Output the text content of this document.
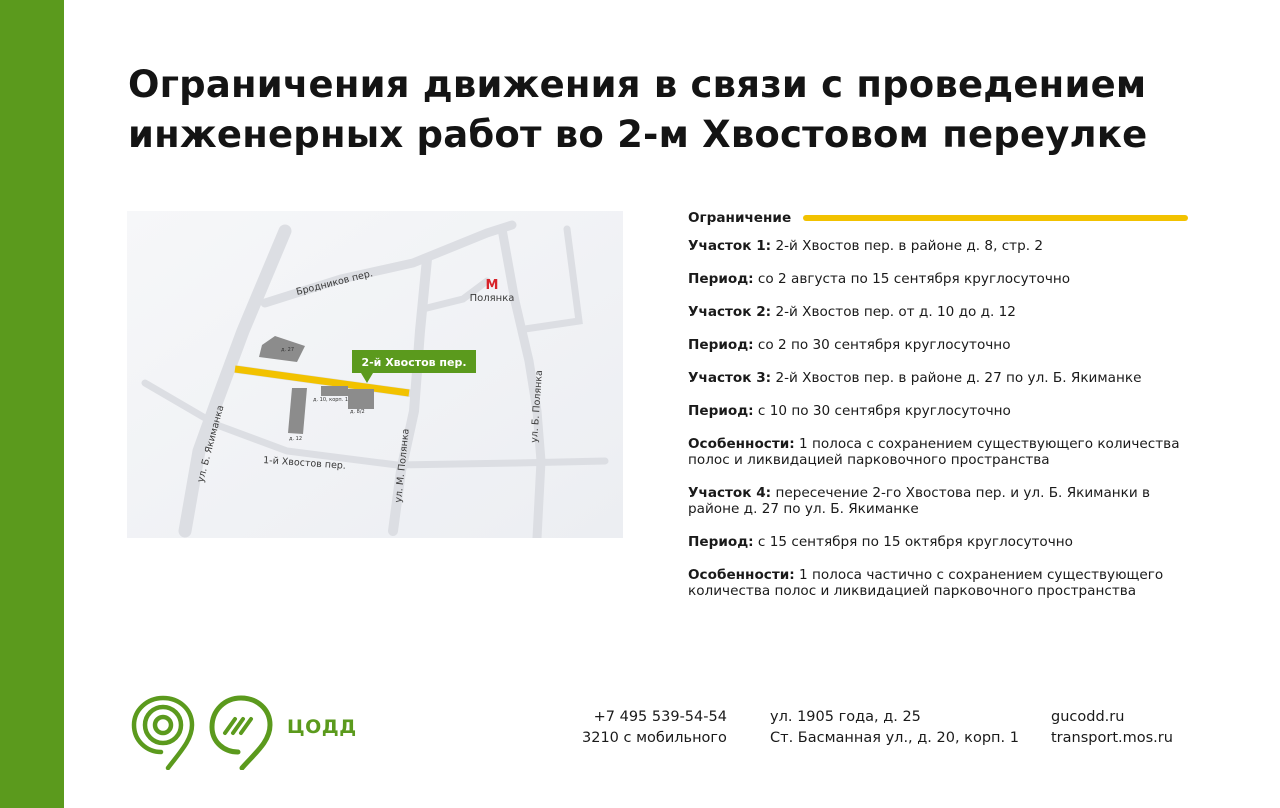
Ограничения движения в связи с проведением
инженерных работ во 2-м Хвостовом переулке
д. 27
д. 10, корп. 1
д. 8/2
д. 12
Бродников пер.
ул. Б. Якиманка	ул. М. Полянка
ул. Б. Полянка
1-й Хвостов пер.
М
Полянка
2-й Хвостов пер.
Ограничение
Участок 1: 2-й Хвостов пер. в районе д. 8, стр. 2
Период: со 2 августа по 15 сентября круглосуточно
Участок 2: 2-й Хвостов пер. от д. 10 до д. 12
Период: со 2 по 30 сентября круглосуточно
Участок 3: 2-й Хвостов пер. в районе д. 27 по ул. Б. Якиманке
Период: с 10 по 30 сентября круглосуточно
Особенности: 1 полоса с сохранением существующего количества полос и ликвидацией парковочного пространства
Участок 4: пересечение 2-го Хвостова пер. и ул. Б. Якиманки в районе д. 27 по ул. Б. Якиманке
Период: с 15 сентября по 15 октября круглосуточно
Особенности: 1 полоса частично с сохранением существующего количества полос и ликвидацией парковочного пространства
ЦОДД	+7 495 539-54-54
3210 с мобильного
ул. 1905 года, д. 25
Ст. Басманная ул., д. 20, корп. 1
gucodd.ru
transport.mos.ru
